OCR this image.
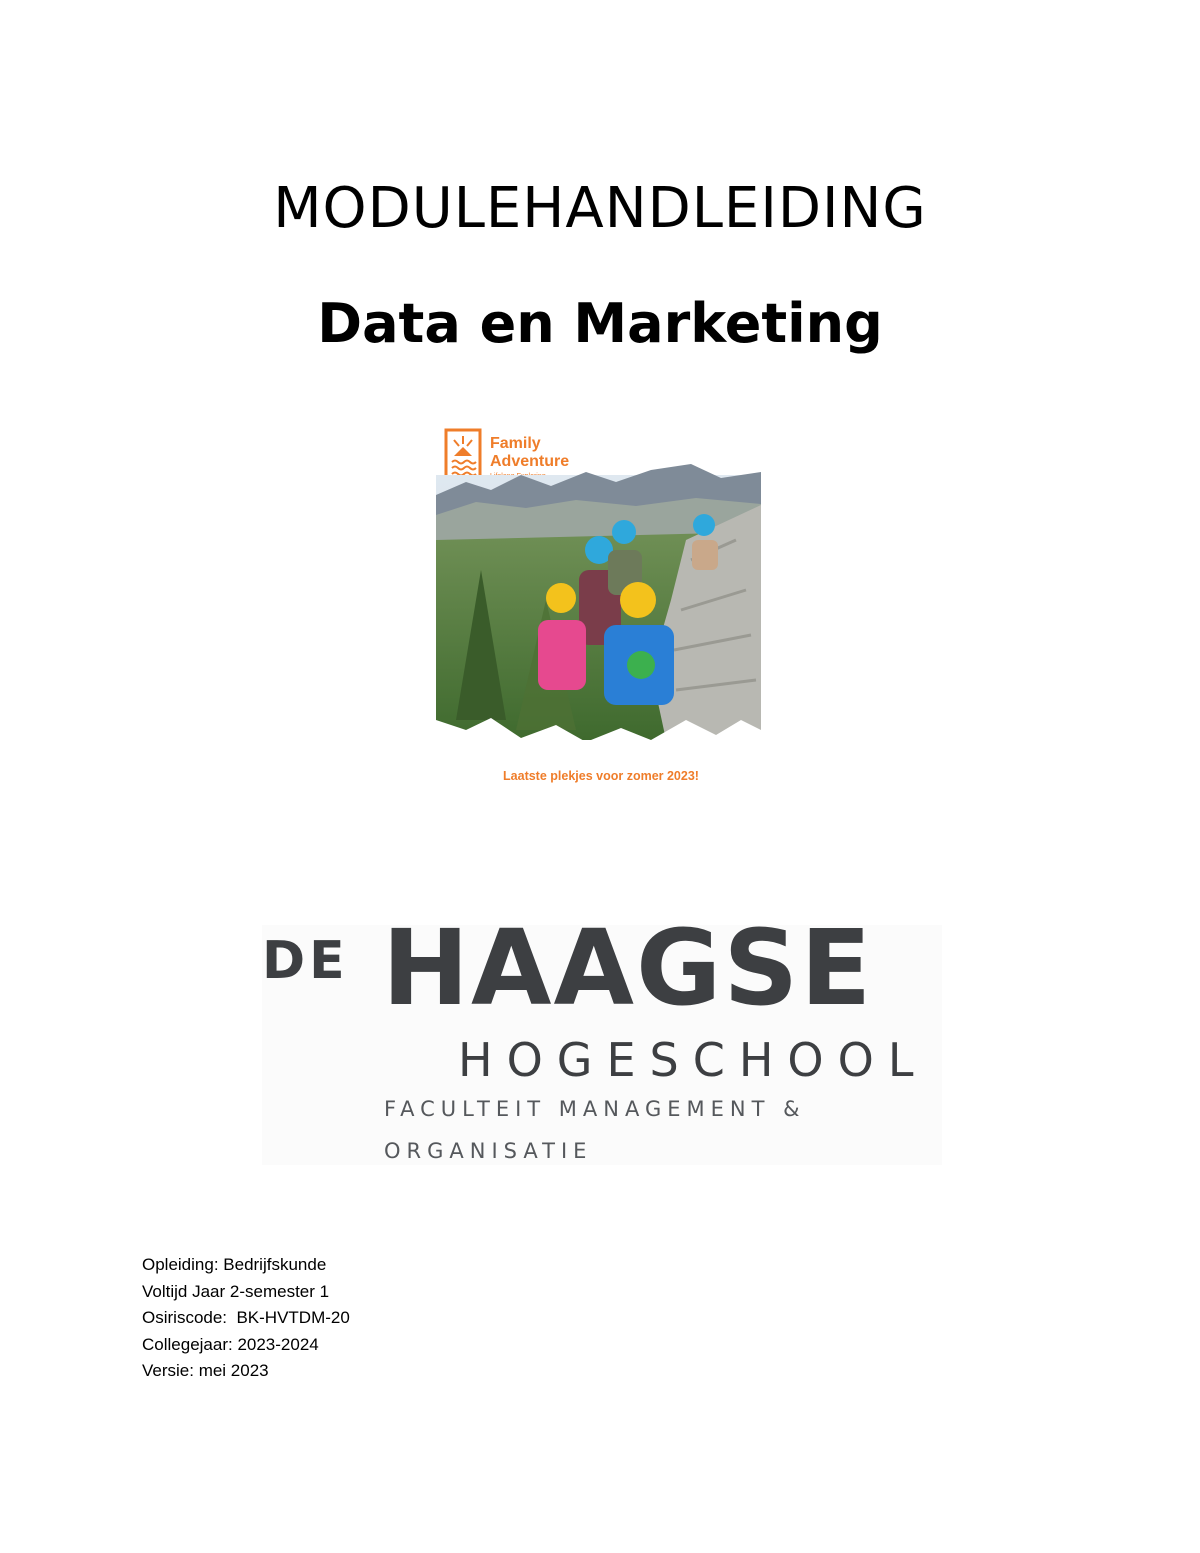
MODULEHANDLEIDING
Data en Marketing
Family
Adventure
Laatste plekjes voor zomer 2023!
DE HAAGSE
HOGESCHOOL
FACULTEIT MANAGEMENT &
ORGANISATIE
Opleiding: Bedrijfskunde
Voltijd Jaar 2-semester 1
Osiriscode:  BK-HVTDM-20
Collegejaar: 2023-2024
Versie: mei 2023
